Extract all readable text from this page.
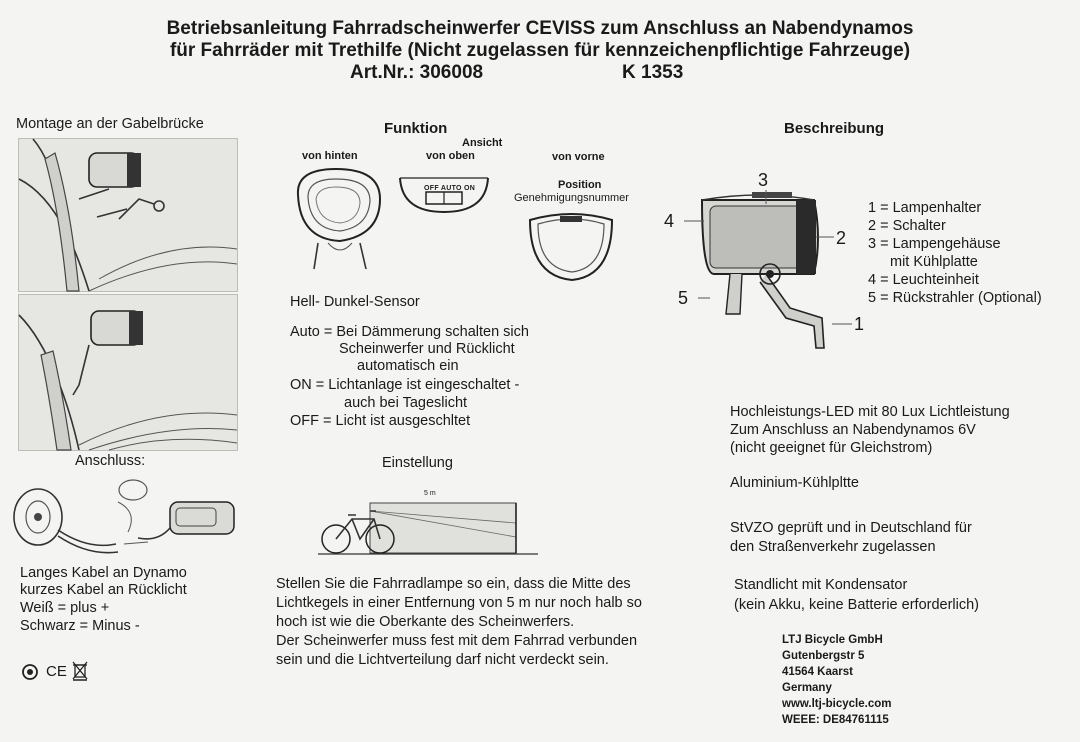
Betriebsanleitung Fahrradscheinwerfer CEVISS zum Anschluss an Nabendynamos
für Fahrräder mit Trethilfe (Nicht zugelassen für kennzeichenpflichtige Fahrzeuge)
Art.Nr.: 306008	K 1353
Montage an der Gabelbrücke
Anschluss:
Langes Kabel an Dynamo
kurzes Kabel an Rücklicht
Weiß = plus +
Schwarz = Minus -
CE
Funktion
Ansicht
von hinten	von oben	von vorne
OFF AUTO ON	Position
Genehmigungsnummer
Hell- Dunkel-Sensor
Auto = Bei Dämmerung schalten sich
Scheinwerfer und Rücklicht
automatisch ein
ON = Lichtanlage ist eingeschaltet -
auch bei Tageslicht
OFF = Licht ist ausgeschltet
Einstellung
5 m
Stellen Sie die Fahrradlampe so ein, dass die Mitte des
Lichtkegels in einer Entfernung von 5 m nur noch halb so
hoch ist wie die Oberkante des Scheinwerfers.
Der Scheinwerfer muss fest mit dem Fahrrad verbunden
sein und die Lichtverteilung darf nicht verdeckt sein.
Beschreibung
3
4
2
5
1
1 = Lampenhalter
2 = Schalter
3 = Lampengehäuse
mit Kühlplatte
4 = Leuchteinheit
5 = Rückstrahler (Optional)
Hochleistungs-LED mit 80 Lux Lichtleistung
Zum Anschluss an Nabendynamos 6V
(nicht geeignet für Gleichstrom)
Aluminium-Kühlpltte
StVZO geprüft und in Deutschland für
den Straßenverkehr zugelassen
Standlicht mit Kondensator
(kein Akku, keine Batterie erforderlich)
LTJ Bicycle GmbH
Gutenbergstr 5
41564 Kaarst
Germany
www.ltj-bicycle.com
WEEE: DE84761115
